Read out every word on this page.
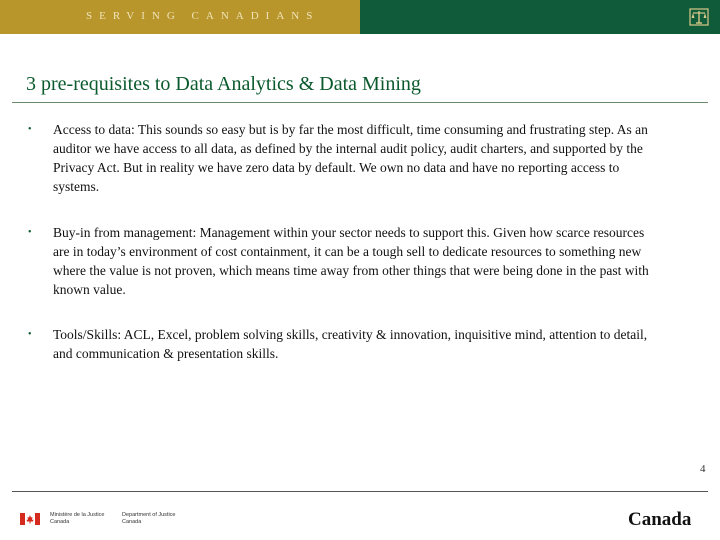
SERVING CANADIANS
3 pre-requisites to Data Analytics & Data Mining
• Access to data: This sounds so easy but is by far the most difficult, time consuming and frustrating step. As an auditor we have access to all data, as defined by the internal audit policy, audit charters, and supported by the Privacy Act. But in reality we have zero data by default. We own no data and have no reporting access to systems.
• Buy-in from management: Management within your sector needs to support this. Given how scarce resources are in today’s environment of cost containment, it can be a tough sell to dedicate resources to something new where the value is not proven, which means time away from other things that were being done in the past with known value.
• Tools/Skills: ACL, Excel, problem solving skills, creativity & innovation, inquisitive mind, attention to detail, and communication & presentation skills.
4
Ministère de la Justice
Canada
Department of Justice
Canada	Canada
